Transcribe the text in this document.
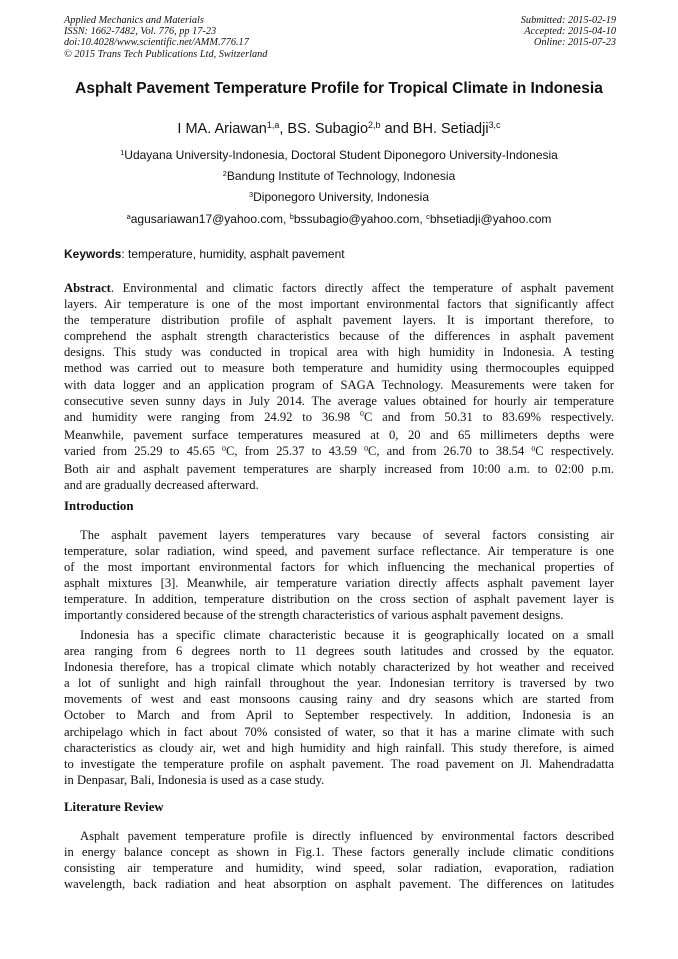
Applied Mechanics and Materials
ISSN: 1662-7482, Vol. 776, pp 17-23
doi:10.4028/www.scientific.net/AMM.776.17
© 2015 Trans Tech Publications Ltd, Switzerland
Submitted: 2015-02-19
Accepted: 2015-04-10
Online: 2015-07-23
Asphalt Pavement Temperature Profile for Tropical Climate in Indonesia
I MA. Ariawan$^{1,a}$, BS. Subagio$^{2,b}$ and BH. Setiadji$^{3,c}$
$^1$Udayana University-Indonesia, Doctoral Student Diponegoro University-Indonesia
$^2$Bandung Institute of Technology, Indonesia
$^3$Diponegoro University, Indonesia
$^a$agusariawan17@yahoo.com, $^b$bssubagio@yahoo.com, $^c$bhsetiadji@yahoo.com
Keywords: temperature, humidity, asphalt pavement
Abstract. Environmental and climatic factors directly affect the temperature of asphalt pavement
layers. Air temperature is one of the most important environmental factors that significantly affect
the temperature distribution profile of asphalt pavement layers. It is important therefore, to
comprehend the asphalt strength characteristics because of the differences in asphalt pavement
designs. This study was conducted in tropical area with high humidity in Indonesia. A testing
method was carried out to measure both temperature and humidity using thermocouples equipped
with data logger and an application program of SAGA Technology. Measurements were taken for
consecutive seven sunny days in July 2014. The average values obtained for hourly air temperature
and humidity were ranging from 24.92 to 36.98 $^0$C and from 50.31 to 83.69% respectively.
Meanwhile, pavement surface temperatures measured at 0, 20 and 65 millimeters depths were
varied from 25.29 to 45.65 $^0$C, from 25.37 to 43.59 $^0$C, and from 26.70 to 38.54 $^0$C respectively.
Both air and asphalt pavement temperatures are sharply increased from 10:00 a.m. to 02:00 p.m.
and are gradually decreased afterward.
Introduction
The asphalt pavement layers temperatures vary because of several factors consisting air
temperature, solar radiation, wind speed, and pavement surface reflectance. Air temperature is one
of the most important environmental factors for which influencing the mechanical properties of
asphalt mixtures [3]. Meanwhile, air temperature variation directly affects asphalt pavement layer
temperature. In addition, temperature distribution on the cross section of asphalt pavement layer is
importantly considered because of the strength characteristics of various asphalt pavement designs.
Indonesia has a specific climate characteristic because it is geographically located on a small
area ranging from 6 degrees north to 11 degrees south latitudes and crossed by the equator.
Indonesia therefore, has a tropical climate which notably characterized by hot weather and received
a lot of sunlight and high rainfall throughout the year. Indonesian territory is traversed by two
movements of west and east monsoons causing rainy and dry seasons which are started from
October to March and from April to September respectively. In addition, Indonesia is an
archipelago which in fact about 70% consisted of water, so that it has a marine climate with such
characteristics as cloudy air, wet and high humidity and high rainfall. This study therefore, is aimed
to investigate the temperature profile on asphalt pavement. The road pavement on Jl. Mahendradatta
in Denpasar, Bali, Indonesia is used as a case study.
Literature Review
Asphalt pavement temperature profile is directly influenced by environmental factors described
in energy balance concept as shown in Fig.1. These factors generally include climatic conditions
consisting air temperature and humidity, wind speed, solar radiation, evaporation, radiation
wavelength, back radiation and heat absorption on asphalt pavement. The differences on latitudes
